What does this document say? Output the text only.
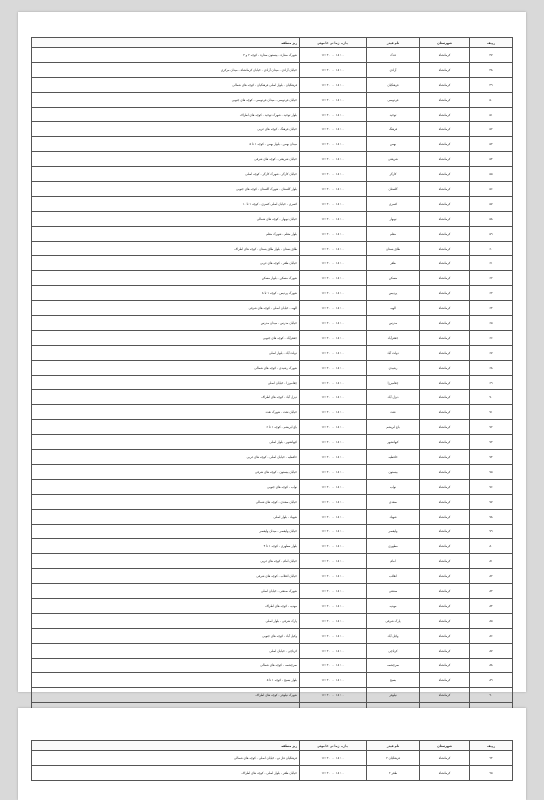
ردیف	شهرستان	نام فیدر	بازه زمانی خاموشی	ریز منطقه
۴۷	کرمانشاه	فدک	۱۸:۰۰ - ۱۶:۳۰	شهرک ستاره - بیستون ستاره - کوچه ۲ و ۳
۴۸	کرمانشاه	آزادی	۱۸:۰۰ - ۱۶:۳۰	خیابان آزادی - میدان آزادی - خیابان کرمانشاه - میدان مرکزی
۴۹	کرمانشاه	فرهنگیان	۱۸:۰۰ - ۱۶:۳۰	فرهنگیان - بلوار اصلی فرهنگیان - کوچه های شمالی
۵۰	کرمانشاه	فردوسی	۱۸:۰۰ - ۱۶:۳۰	خیابان فردوسی - میدان فردوسی - کوچه های جنوبی
۵۱	کرمانشاه	توحید	۱۸:۰۰ - ۱۶:۳۰	بلوار توحید - شهرک توحید - کوچه های اطراف
۵۲	کرمانشاه	فرهنگ	۱۸:۰۰ - ۱۶:۳۰	خیابان فرهنگ - کوچه های غربی
۵۳	کرمانشاه	بهمن	۱۸:۰۰ - ۱۶:۳۰	میدان بهمن - بلوار بهمن - کوچه ۱ تا ۵
۵۴	کرمانشاه	شریعتی	۱۸:۰۰ - ۱۶:۳۰	خیابان شریعتی - کوچه های شرقی
۵۵	کرمانشاه	کارگر	۱۸:۰۰ - ۱۶:۳۰	خیابان کارگر - شهرک کارگر - کوچه اصلی
۵۶	کرمانشاه	گلستان	۱۸:۰۰ - ۱۶:۳۰	بلوار گلستان - شهرک گلستان - کوچه های جنوبی
۵۷	کرمانشاه	کسری	۱۸:۰۰ - ۱۶:۳۰	کسری - خیابان اصلی کسری - کوچه ۱ تا ۱۰
۵۸	کرمانشاه	نوبهار	۱۸:۰۰ - ۱۶:۳۰	خیابان نوبهار - کوچه های شمالی
۵۹	کرمانشاه	معلم	۱۸:۰۰ - ۱۶:۳۰	بلوار معلم - شهرک معلم
۶۰	کرمانشاه	طاق بستان	۱۸:۰۰ - ۱۶:۳۰	طاق بستان - بلوار طاق بستان - کوچه های اطراف
۶۱	کرمانشاه	ظفر	۱۸:۰۰ - ۱۶:۳۰	خیابان ظفر - کوچه های غربی
۶۲	کرمانشاه	مسکن	۱۸:۰۰ - ۱۶:۳۰	شهرک مسکن - بلوار مسکن
۶۳	کرمانشاه	پردیس	۱۸:۰۰ - ۱۶:۳۰	شهرک پردیس - کوچه ۱ تا ۸
۶۴	کرمانشاه	الهیه	۱۸:۰۰ - ۱۶:۳۰	الهیه - خیابان اصلی - کوچه های شرقی
۶۵	کرمانشاه	مدرس	۱۸:۰۰ - ۱۶:۳۰	خیابان مدرس - میدان مدرس
۶۶	کرمانشاه	جعفرآباد	۱۸:۰۰ - ۱۶:۳۰	جعفرآباد - کوچه های جنوبی
۶۷	کرمانشاه	دولت آباد	۱۸:۰۰ - ۱۶:۳۰	دولت آباد - بلوار اصلی
۶۸	کرمانشاه	رشیدی	۱۸:۰۰ - ۱۶:۳۰	شهرک رشیدی - کوچه های شمالی
۶۹	کرمانشاه	چغامیرزا	۱۸:۰۰ - ۱۶:۳۰	چغامیرزا - خیابان اصلی
۷۰	کرمانشاه	دیزل آباد	۱۸:۰۰ - ۱۶:۳۰	دیزل آباد - کوچه های اطراف
۷۱	کرمانشاه	نفت	۱۸:۰۰ - ۱۶:۳۰	خیابان نفت - شهرک نفت
۷۲	کرمانشاه	باغ ابریشم	۱۸:۰۰ - ۱۶:۳۰	باغ ابریشم - کوچه ۱ تا ۶
۷۳	کرمانشاه	کیهانشهر	۱۸:۰۰ - ۱۶:۳۰	کیهانشهر - بلوار اصلی
۷۴	کرمانشاه	حافظیه	۱۸:۰۰ - ۱۶:۳۰	حافظیه - خیابان اصلی - کوچه های غربی
۷۵	کرمانشاه	بیستون	۱۸:۰۰ - ۱۶:۳۰	خیابان بیستون - کوچه های شرقی
۷۶	کرمانشاه	نواب	۱۸:۰۰ - ۱۶:۳۰	نواب - کوچه های جنوبی
۷۷	کرمانشاه	سعدی	۱۸:۰۰ - ۱۶:۳۰	خیابان سعدی - کوچه های شمالی
۷۸	کرمانشاه	شهیاد	۱۸:۰۰ - ۱۶:۳۰	شهیاد - بلوار اصلی
۷۹	کرمانشاه	ولیعصر	۱۸:۰۰ - ۱۶:۳۰	خیابان ولیعصر - میدان ولیعصر
۸۰	کرمانشاه	مطهری	۱۸:۰۰ - ۱۶:۳۰	بلوار مطهری - کوچه ۱ تا ۴
۸۱	کرمانشاه	امام	۱۸:۰۰ - ۱۶:۳۰	خیابان امام - کوچه های غربی
۸۲	کرمانشاه	انقلاب	۱۸:۰۰ - ۱۶:۳۰	خیابان انقلاب - کوچه های شرقی
۸۳	کرمانشاه	صنعتی	۱۸:۰۰ - ۱۶:۳۰	شهرک صنعتی - خیابان اصلی
۸۴	کرمانشاه	مهدیه	۱۸:۰۰ - ۱۶:۳۰	مهدیه - کوچه های اطراف
۸۵	کرمانشاه	پارک شرقی	۱۸:۰۰ - ۱۶:۳۰	پارک شرقی - بلوار اصلی
۸۶	کرمانشاه	وکیل آباد	۱۸:۰۰ - ۱۶:۳۰	وکیل آباد - کوچه های جنوبی
۸۷	کرمانشاه	کرناچی	۱۸:۰۰ - ۱۶:۳۰	کرناچی - خیابان اصلی
۸۸	کرمانشاه	سرچشمه	۱۸:۰۰ - ۱۶:۳۰	سرچشمه - کوچه های شمالی
۸۹	کرمانشاه	بسیج	۱۸:۰۰ - ۱۶:۳۰	بلوار بسیج - کوچه ۱ تا ۵
۹۰	کرمانشاه	نیلوفر	۱۸:۰۰ - ۱۶:۳۰	شهرک نیلوفر - کوچه های اطراف

ردیف	شهرستان	نام فیدر	بازه زمانی خاموشی	ریز منطقه
۹۴	کرمانشاه	فرهنگیان ۲	۱۸:۰۰ - ۱۶:۳۰	فرهنگیان فاز دو - خیابان اصلی - کوچه های شمالی
۹۵	کرمانشاه	ظفر ۲	۱۸:۰۰ - ۱۶:۳۰	خیابان ظفر - بلوار اصلی - کوچه های اطراف
